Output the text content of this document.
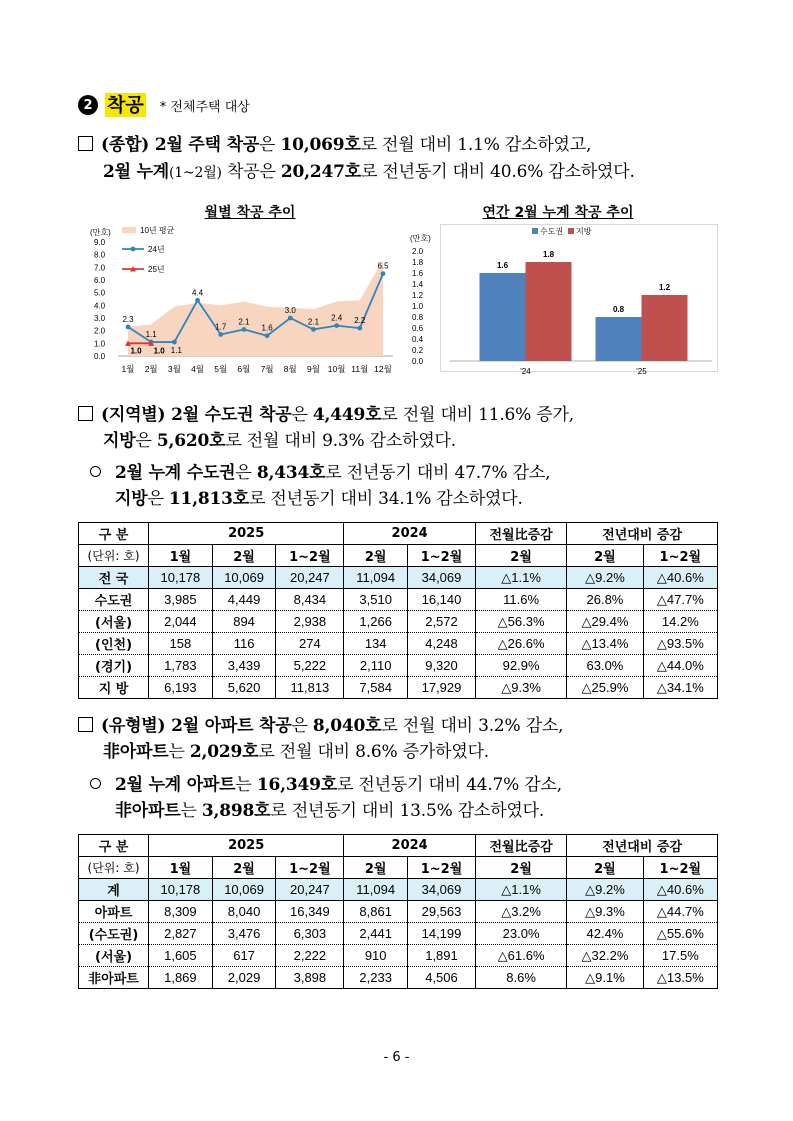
2 착공 * 전체주택 대상
(종합) 2월 주택 착공은 10,069호로 전월 대비 1.1% 감소하였고,
2월 누계(1~2월) 착공은 20,247호로 전년동기 대비 40.6% 감소하였다.
월별 착공 추이	연간 2월 누계 착공 추이
(만호)
0.0
1.0
2.0
3.0
4.0
5.0
6.0
7.0
8.0
9.0
1월 2월 3월 4월 5월 6월 7월 8월 9월 10월 11월 12월
2.3
1.1
1.1
4.4
1.7
2.1
1.6
3.0
2.1 2.4 2.2
6.5
1.0 1.0
10년 평균
24년
25년
(만호)
0.0
0.2
0.4
0.6
0.8
1.0
1.2
1.4
1.6
1.8
2.0
1.6
1.8
'24
0.8
1.2
'25
수도권 지방
(지역별) 2월 수도권 착공은 4,449호로 전월 대비 11.6% 증가,
지방은 5,620호로 전월 대비 9.3% 감소하였다.
2월 누계 수도권은 8,434호로 전년동기 대비 47.7% 감소,
지방은 11,813호로 전년동기 대비 34.1% 감소하였다.
구 분	2025			2024		전월比증감	전년대비 증감	
(단위: 호)	1월	2월	1~2월	2월	1~2월	2월	2월	1~2월
전 국	10,178	10,069	20,247	11,094	34,069	△1.1%	△9.2%	△40.6%
수도권	3,985	4,449	8,434	3,510	16,140	11.6%	26.8%	△47.7%
(서울)	2,044	894	2,938	1,266	2,572	△56.3%	△29.4%	14.2%
(인천)	158	116	274	134	4,248	△26.6%	△13.4%	△93.5%
(경기)	1,783	3,439	5,222	2,110	9,320	92.9%	63.0%	△44.0%
지 방	6,193	5,620	11,813	7,584	17,929	△9.3%	△25.9%	△34.1%
(유형별) 2월 아파트 착공은 8,040호로 전월 대비 3.2% 감소,
非아파트는 2,029호로 전월 대비 8.6% 증가하였다.
2월 누계 아파트는 16,349호로 전년동기 대비 44.7% 감소,
非아파트는 3,898호로 전년동기 대비 13.5% 감소하였다.
구 분	2025			2024		전월比증감	전년대비 증감	
(단위: 호)	1월	2월	1~2월	2월	1~2월	2월	2월	1~2월
계	10,178	10,069	20,247	11,094	34,069	△1.1%	△9.2%	△40.6%
아파트	8,309	8,040	16,349	8,861	29,563	△3.2%	△9.3%	△44.7%
(수도권)	2,827	3,476	6,303	2,441	14,199	23.0%	42.4%	△55.6%
(서울)	1,605	617	2,222	910	1,891	△61.6%	△32.2%	17.5%
非아파트	1,869	2,029	3,898	2,233	4,506	8.6%	△9.1%	△13.5%
- 6 -
